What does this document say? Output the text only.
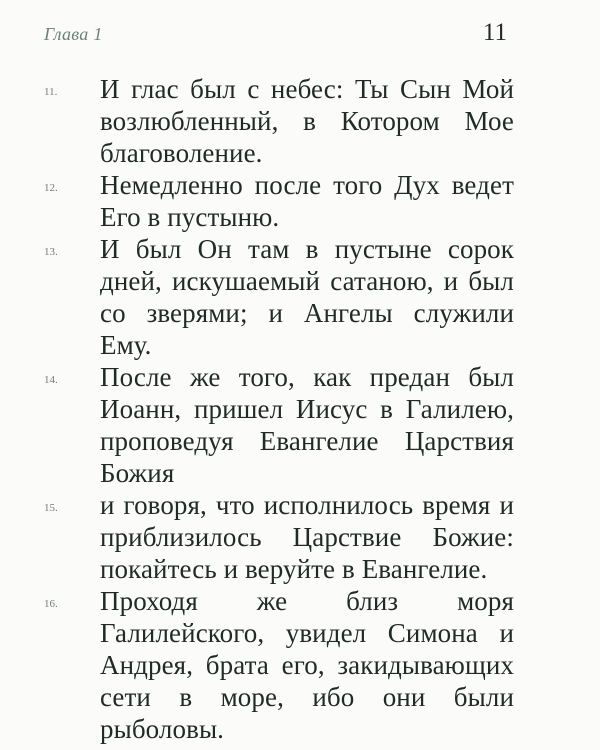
Глава 1	11
11.	И глас был с небес: Ты Сын Мой возлюбленный, в Котором Мое благоволение.
12.	Немедленно после того Дух ведет Его в пустыню.
13.	И был Он там в пустыне сорок дней, искушаемый сатаною, и был со зверями; и Ангелы служили Ему.
14.	После же того, как предан был Иоанн, пришел Иисус в Галилею, проповедуя Евангелие Царствия Божия
15.	и говоря, что исполнилось время и приблизилось Царствие Божие: покайтесь и веруйте в Евангелие.
16.	Проходя же близ моря Галилейского, увидел Симона и Андрея, брата его, закидывающих сети в море, ибо они были рыболовы.
